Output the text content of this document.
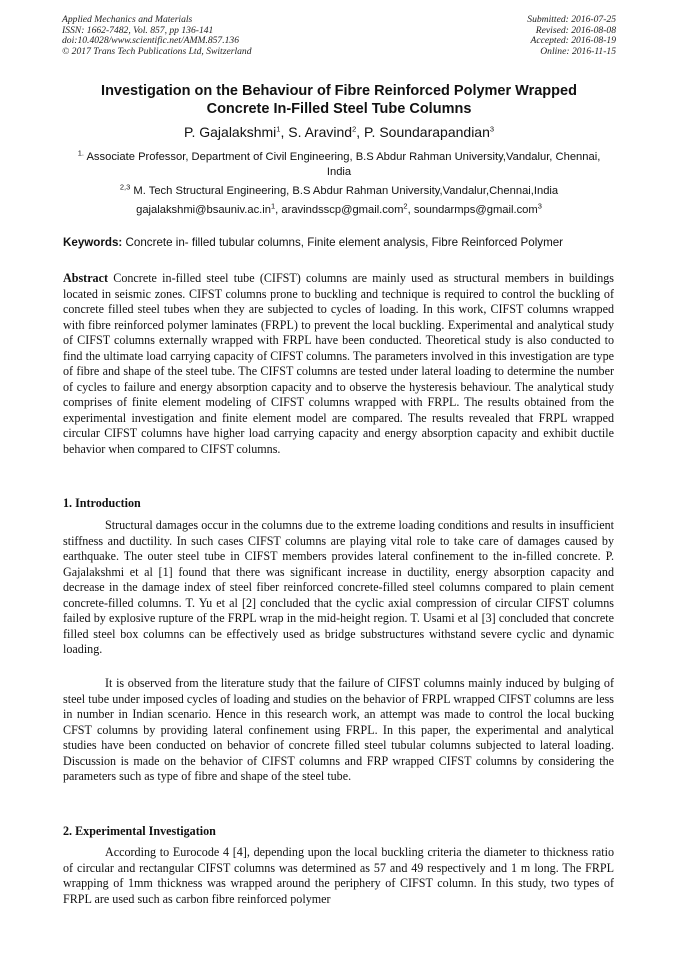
Applied Mechanics and Materials
ISSN: 1662-7482, Vol. 857, pp 136-141
doi:10.4028/www.scientific.net/AMM.857.136
© 2017 Trans Tech Publications Ltd, Switzerland
Submitted: 2016-07-25
Revised: 2016-08-08
Accepted: 2016-08-19
Online: 2016-11-15
Investigation on the Behaviour of Fibre Reinforced Polymer Wrapped
Concrete In-Filled Steel Tube Columns
P. Gajalakshmi$^1$, S. Aravind$^2$, P. Soundarapandian$^3$
$^{1.}$ Associate Professor, Department of Civil Engineering, B.S Abdur Rahman University,Vandalur, Chennai, India
$^{2,3}$ M. Tech Structural Engineering, B.S Abdur Rahman University,Vandalur,Chennai,India
$gajalakshmi@bsauniv.ac.in^1$, aravindsscp@gmail.com$^2$, soundarmps@gmail.com$^3$
Keywords: Concrete in- filled tubular columns, Finite element analysis, Fibre Reinforced Polymer
Abstract Concrete in-filled steel tube (CIFST) columns are mainly used as structural members in buildings located in seismic zones. CIFST columns prone to buckling and technique is required to control the buckling of concrete filled steel tubes when they are subjected to cycles of loading. In this work, CIFST columns wrapped with fibre reinforced polymer laminates (FRPL) to prevent the local buckling. Experimental and analytical study of CIFST columns externally wrapped with FRPL have been conducted. Theoretical study is also conducted to find the ultimate load carrying capacity of CIFST columns. The parameters involved in this investigation are type of fibre and shape of the steel tube. The CIFST columns are tested under lateral loading to determine the number of cycles to failure and energy absorption capacity and to observe the hysteresis behaviour. The analytical study comprises of finite element modeling of CIFST columns wrapped with FRPL. The results obtained from the experimental investigation and finite element model are compared. The results revealed that FRPL wrapped circular CIFST columns have higher load carrying capacity and energy absorption capacity and exhibit ductile behavior when compared to CIFST columns.
1. Introduction

Structural damages occur in the columns due to the extreme loading conditions and results in insufficient stiffness and ductility. In such cases CIFST columns are playing vital role to take care of damages caused by earthquake. The outer steel tube in CIFST members provides lateral confinement to the in-filled concrete. P. Gajalakshmi et al [1] found that there was significant increase in ductility, energy absorption capacity and decrease in the damage index of steel fiber reinforced concrete-filled steel columns compared to plain cement concrete-filled columns. T. Yu et al [2] concluded that the cyclic axial compression of circular CIFST columns failed by explosive rupture of the FRPL wrap in the mid-height region. T. Usami et al [3] concluded that concrete filled steel box columns can be effectively used as bridge substructures withstand severe cyclic and dynamic loading.

It is observed from the literature study that the failure of CIFST columns mainly induced by bulging of steel tube under imposed cycles of loading and studies on the behavior of FRPL wrapped CIFST columns are less in number in Indian scenario. Hence in this research work, an attempt was made to control the local bucking CFST columns by providing lateral confinement using FRPL. In this paper, the experimental and analytical studies have been conducted on behavior of concrete filled steel tubular columns subjected to lateral loading. Discussion is made on the behavior of CIFST columns and FRP wrapped CIFST columns by considering the parameters such as type of fibre and shape of the steel tube.

2. Experimental Investigation

According to Eurocode 4 [4], depending upon the local buckling criteria the diameter to thickness ratio of circular and rectangular CIFST columns was determined as 57 and 49 respectively and 1 m long. The FRPL wrapping of 1mm thickness was wrapped around the periphery of CIFST column. In this study, two types of FRPL are used such as carbon fibre reinforced polymer
